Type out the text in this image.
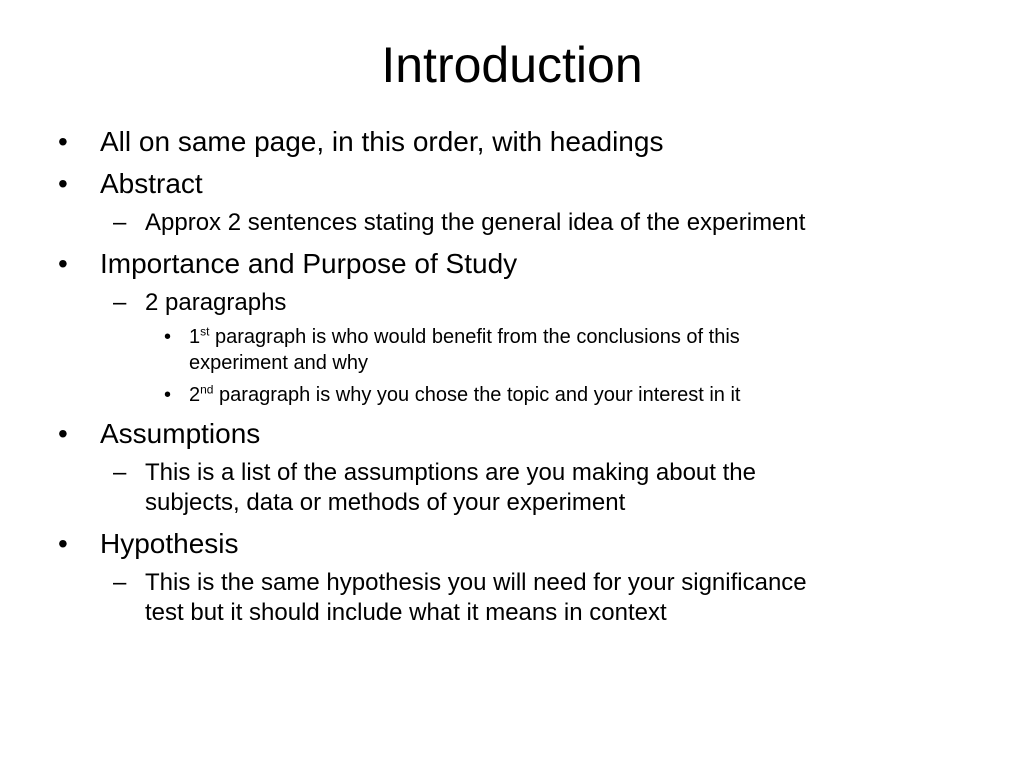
Introduction
• All on same page, in this order, with headings
• Abstract
– Approx 2 sentences stating the general idea of the experiment
• Importance and Purpose of Study
– 2 paragraphs
• 1st paragraph is who would benefit from the conclusions of this
experiment and why
• 2nd paragraph is why you chose the topic and your interest in it
• Assumptions
– This is a list of the assumptions are you making about the
subjects, data or methods of your experiment
• Hypothesis
– This is the same hypothesis you will need for your significance
test but it should include what it means in context
